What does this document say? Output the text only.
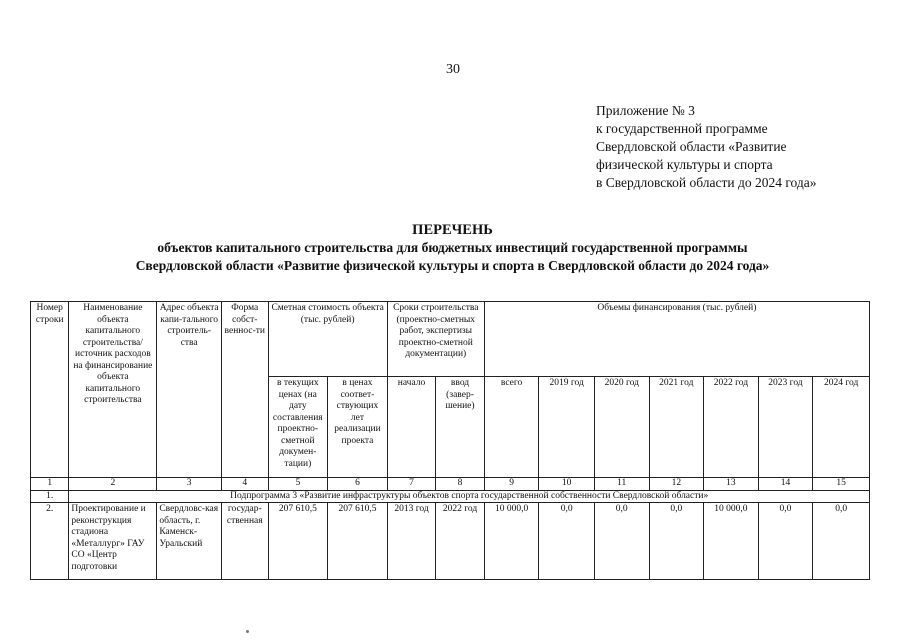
30
Приложение № 3
к государственной программе
Свердловской области «Развитие
физической культуры и спорта
в Свердловской области до 2024 года»
ПЕРЕЧЕНЬ
объектов капитального строительства для бюджетных инвестиций государственной программы
Свердловской области «Развитие физической культуры и спорта в Свердловской области до 2024 года»
Номер строки	Наименование объекта капитального строительства/ источник расходов на финансирование объекта капитального строительства	Адрес объекта капи-тального строитель-ства	Форма собст-веннос-ти	Сметная стоимость объекта (тыс. рублей)		Сроки строительства (проектно-сметных работ, экспертизы проектно-сметной документации)		Объемы финансирования (тыс. рублей)						
				в текущих ценах (на дату составления проектно-сметной докумен-тации)	в ценах соответ-ствующих лет реализации проекта	начало	ввод (завер-шение)	всего	2019 год	2020 год	2021 год	2022 год	2023 год	2024 год
1	2	3	4	5	6	7	8	9	10	11	12	13	14	15
1.	Подпрограмма 3 «Развитие инфраструктуры объектов спорта государственной собственности Свердловской области»													
2.	Проектирование и реконструкция стадиона «Металлург» ГАУ СО «Центр подготовки	Свердловс-кая область, г. Каменск-Уральский	государ-ственная	207 610,5	207 610,5	2013 год	2022 год	10 000,0	0,0	0,0	0,0	10 000,0	0,0	0,0
